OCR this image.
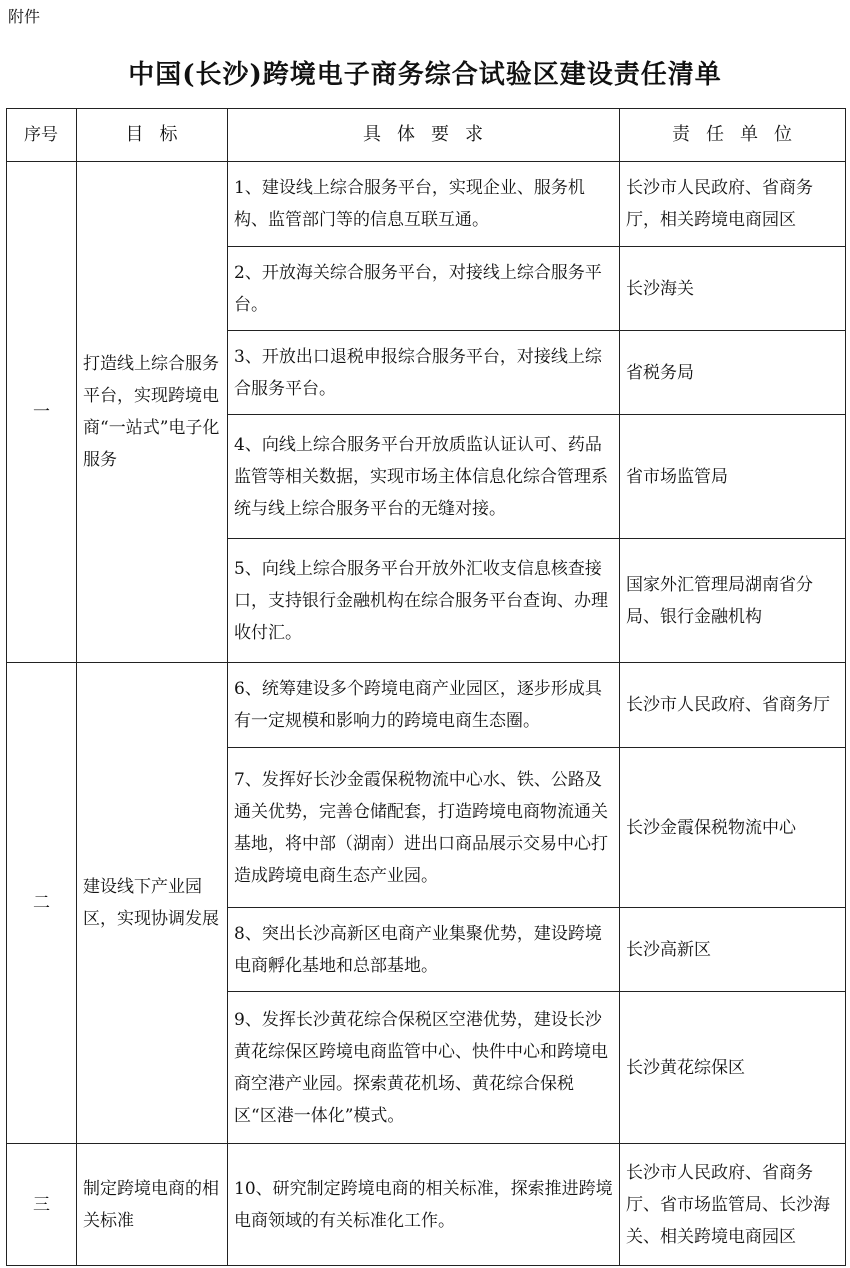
附件
中国(长沙)跨境电子商务综合试验区建设责任清单
序号	目标	具体要求	责任单位
一	打造线上综合服务平台，实现跨境电商“一站式”电子化服务	1、建设线上综合服务平台，实现企业、服务机构、监管部门等的信息互联互通。	长沙市人民政府、省商务厅，相关跨境电商园区
		2、开放海关综合服务平台，对接线上综合服务平台。	长沙海关
		3、开放出口退税申报综合服务平台，对接线上综合服务平台。	省税务局
		4、向线上综合服务平台开放质监认证认可、药品监管等相关数据，实现市场主体信息化综合管理系统与线上综合服务平台的无缝对接。	省市场监管局
		5、向线上综合服务平台开放外汇收支信息核查接口，支持银行金融机构在综合服务平台查询、办理收付汇。	国家外汇管理局湖南省分局、银行金融机构
二	建设线下产业园区，实现协调发展	6、统筹建设多个跨境电商产业园区，逐步形成具有一定规模和影响力的跨境电商生态圈。	长沙市人民政府、省商务厅
		7、发挥好长沙金霞保税物流中心水、铁、公路及通关优势，完善仓储配套，打造跨境电商物流通关基地，将中部（湖南）进出口商品展示交易中心打造成跨境电商生态产业园。	长沙金霞保税物流中心
		8、突出长沙高新区电商产业集聚优势，建设跨境电商孵化基地和总部基地。	长沙高新区
		9、发挥长沙黄花综合保税区空港优势，建设长沙黄花综保区跨境电商监管中心、快件中心和跨境电商空港产业园。探索黄花机场、黄花综合保税区“区港一体化”模式。	长沙黄花综保区
三	制定跨境电商的相关标准	10、研究制定跨境电商的相关标准，探索推进跨境电商领域的有关标准化工作。	长沙市人民政府、省商务厅、省市场监管局、长沙海关、相关跨境电商园区
